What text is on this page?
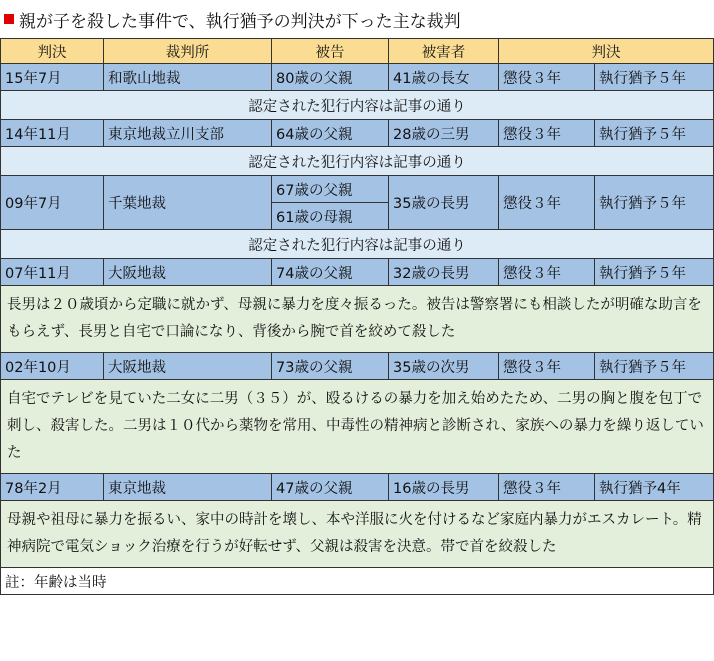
親が子を殺した事件で、執行猶予の判決が下った主な裁判
判決	裁判所	被告	被害者	判決	
15年7月	和歌山地裁	80歳の父親	41歳の長女	懲役３年	執行猶予５年
認定された犯行内容は記事の通り					
14年11月	東京地裁立川支部	64歳の父親	28歳の三男	懲役３年	執行猶予５年
認定された犯行内容は記事の通り					
09年7月	千葉地裁	67歳の父親	35歳の長男	懲役３年	執行猶予５年
		61歳の母親			
認定された犯行内容は記事の通り					
07年11月	大阪地裁	74歳の父親	32歳の長男	懲役３年	執行猶予５年
長男は２０歳頃から定職に就かず、母親に暴力を度々振るった。被告は警察署にも相談したが明確な助言をもらえず、長男と自宅で口論になり、背後から腕で首を絞めて殺した					
02年10月	大阪地裁	73歳の父親	35歳の次男	懲役３年	執行猶予５年
自宅でテレビを見ていた二女に二男（３５）が、殴るけるの暴力を加え始めたため、二男の胸と腹を包丁で刺し、殺害した。二男は１０代から薬物を常用、中毒性の精神病と診断され、家族への暴力を繰り返していた					
78年2月	東京地裁	47歳の父親	16歳の長男	懲役３年	執行猶予4年
母親や祖母に暴力を振るい、家中の時計を壊し、本や洋服に火を付けるなど家庭内暴力がエスカレート。精神病院で電気ショック治療を行うが好転せず、父親は殺害を決意。帯で首を絞殺した					
註：年齢は当時					
